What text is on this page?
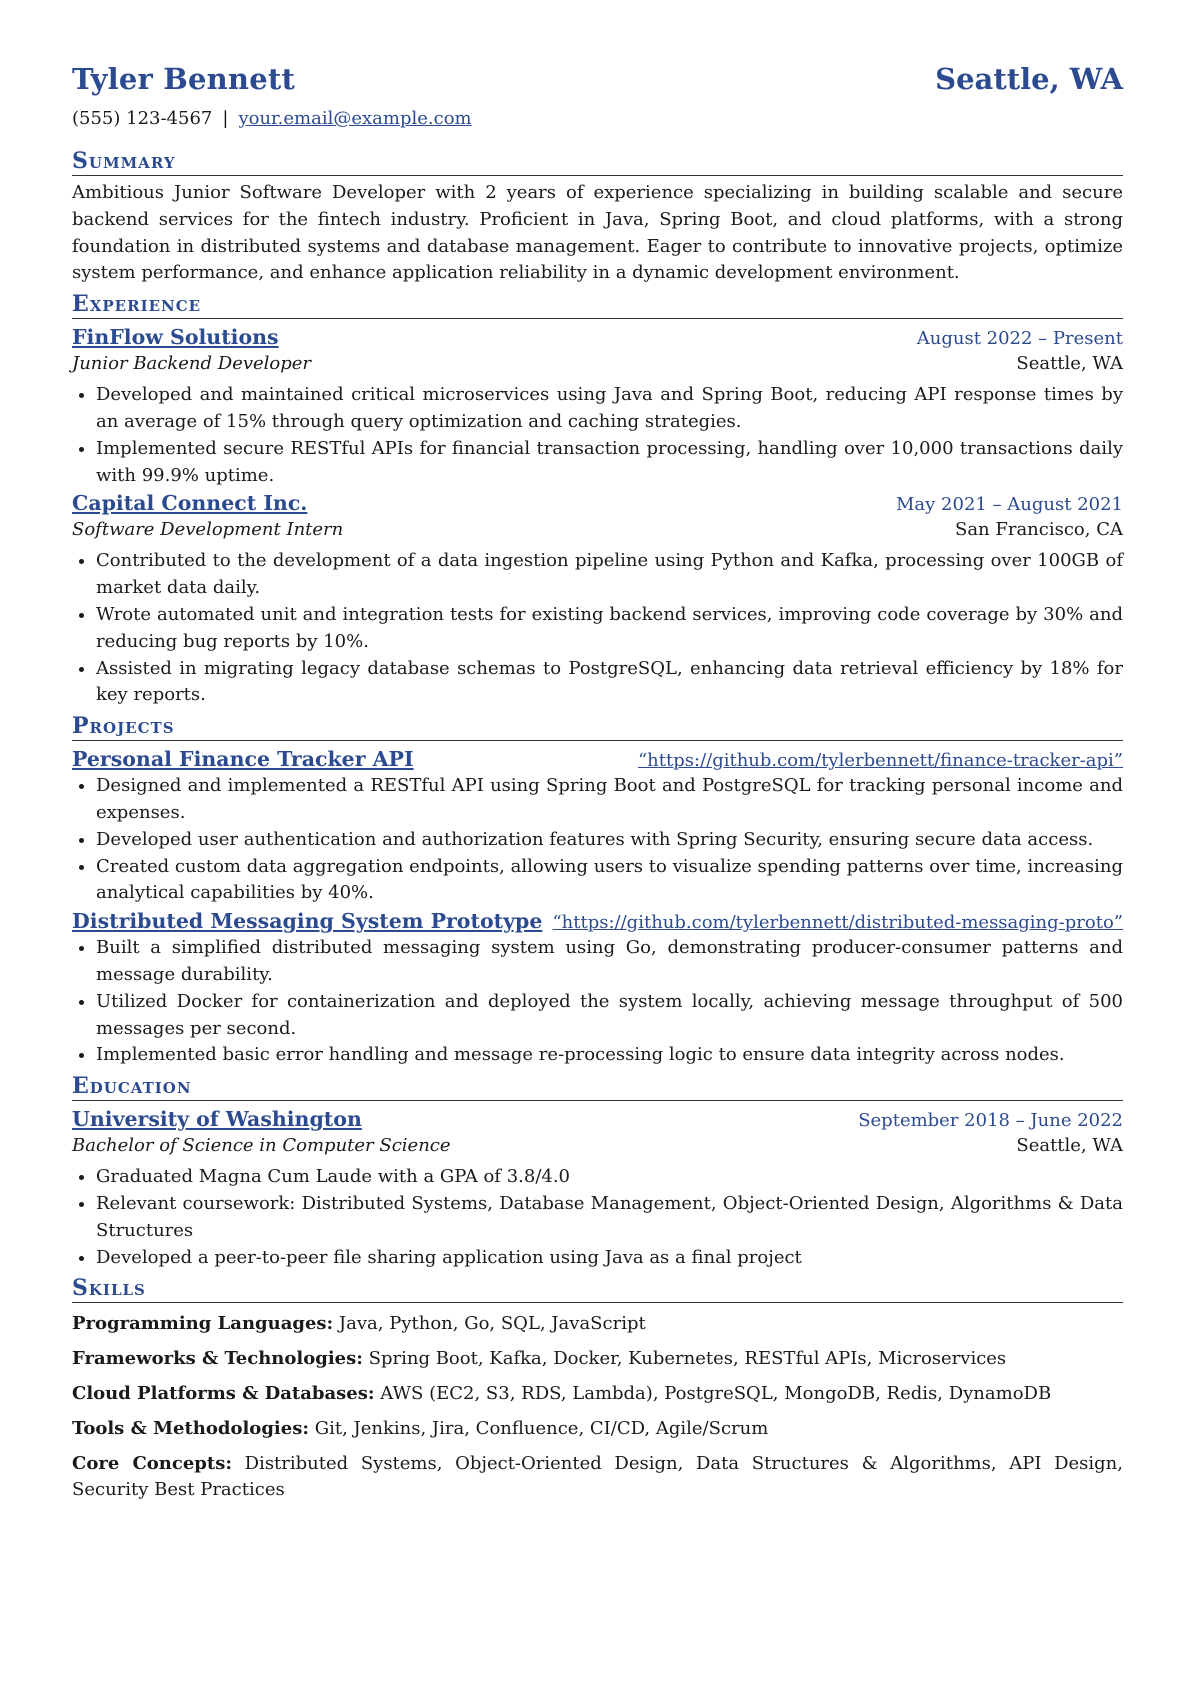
Tyler Bennett	Seattle, WA
(555) 123-4567 | your.email@example.com
Summary

Ambitious Junior Software Developer with 2 years of experience specializing in building scalable and secure backend services for the fintech industry. Proficient in Java, Spring Boot, and cloud platforms, with a strong foundation in distributed systems and database management. Eager to contribute to innovative projects, optimize system performance, and enhance application reliability in a dynamic development environment.

Experience
FinFlow Solutions	August 2022 – Present
Junior Backend Developer	Seattle, WA
• Developed and maintained critical microservices using Java and Spring Boot, reducing API response times by an average of 15% through query optimization and caching strategies.
• Implemented secure RESTful APIs for financial transaction processing, handling over 10,000 transactions daily with 99.9% uptime.
Capital Connect Inc.	May 2021 – August 2021
Software Development Intern	San Francisco, CA
• Contributed to the development of a data ingestion pipeline using Python and Kafka, processing over 100GB of market data daily.
• Wrote automated unit and integration tests for existing backend services, improving code coverage by 30% and reducing bug reports by 10%.
• Assisted in migrating legacy database schemas to PostgreSQL, enhancing data retrieval efficiency by 18% for key reports.
Projects
Personal Finance Tracker API	“https://github.com/tylerbennett/finance-tracker-api”
• Designed and implemented a RESTful API using Spring Boot and PostgreSQL for tracking personal income and expenses.
• Developed user authentication and authorization features with Spring Security, ensuring secure data access.
• Created custom data aggregation endpoints, allowing users to visualize spending patterns over time, increasing analytical capabilities by 40%.
Distributed Messaging System Prototype “https://github.com/tylerbennett/distributed-messaging-proto”
• Built a simplified distributed messaging system using Go, demonstrating producer-consumer patterns and message durability.
• Utilized Docker for containerization and deployed the system locally, achieving message throughput of 500 messages per second.
• Implemented basic error handling and message re-processing logic to ensure data integrity across nodes.
Education
University of Washington	September 2018 – June 2022
Bachelor of Science in Computer Science	Seattle, WA
• Graduated Magna Cum Laude with a GPA of 3.8/4.0
• Relevant coursework: Distributed Systems, Database Management, Object-Oriented Design, Algorithms & Data Structures
• Developed a peer-to-peer file sharing application using Java as a final project
Skills
Programming Languages: Java, Python, Go, SQL, JavaScript
Frameworks & Technologies: Spring Boot, Kafka, Docker, Kubernetes, RESTful APIs, Microservices
Cloud Platforms & Databases: AWS (EC2, S3, RDS, Lambda), PostgreSQL, MongoDB, Redis, DynamoDB
Tools & Methodologies: Git, Jenkins, Jira, Confluence, CI/CD, Agile/Scrum
Core Concepts: Distributed Systems, Object-Oriented Design, Data Structures & Algorithms, API Design, Security Best Practices
